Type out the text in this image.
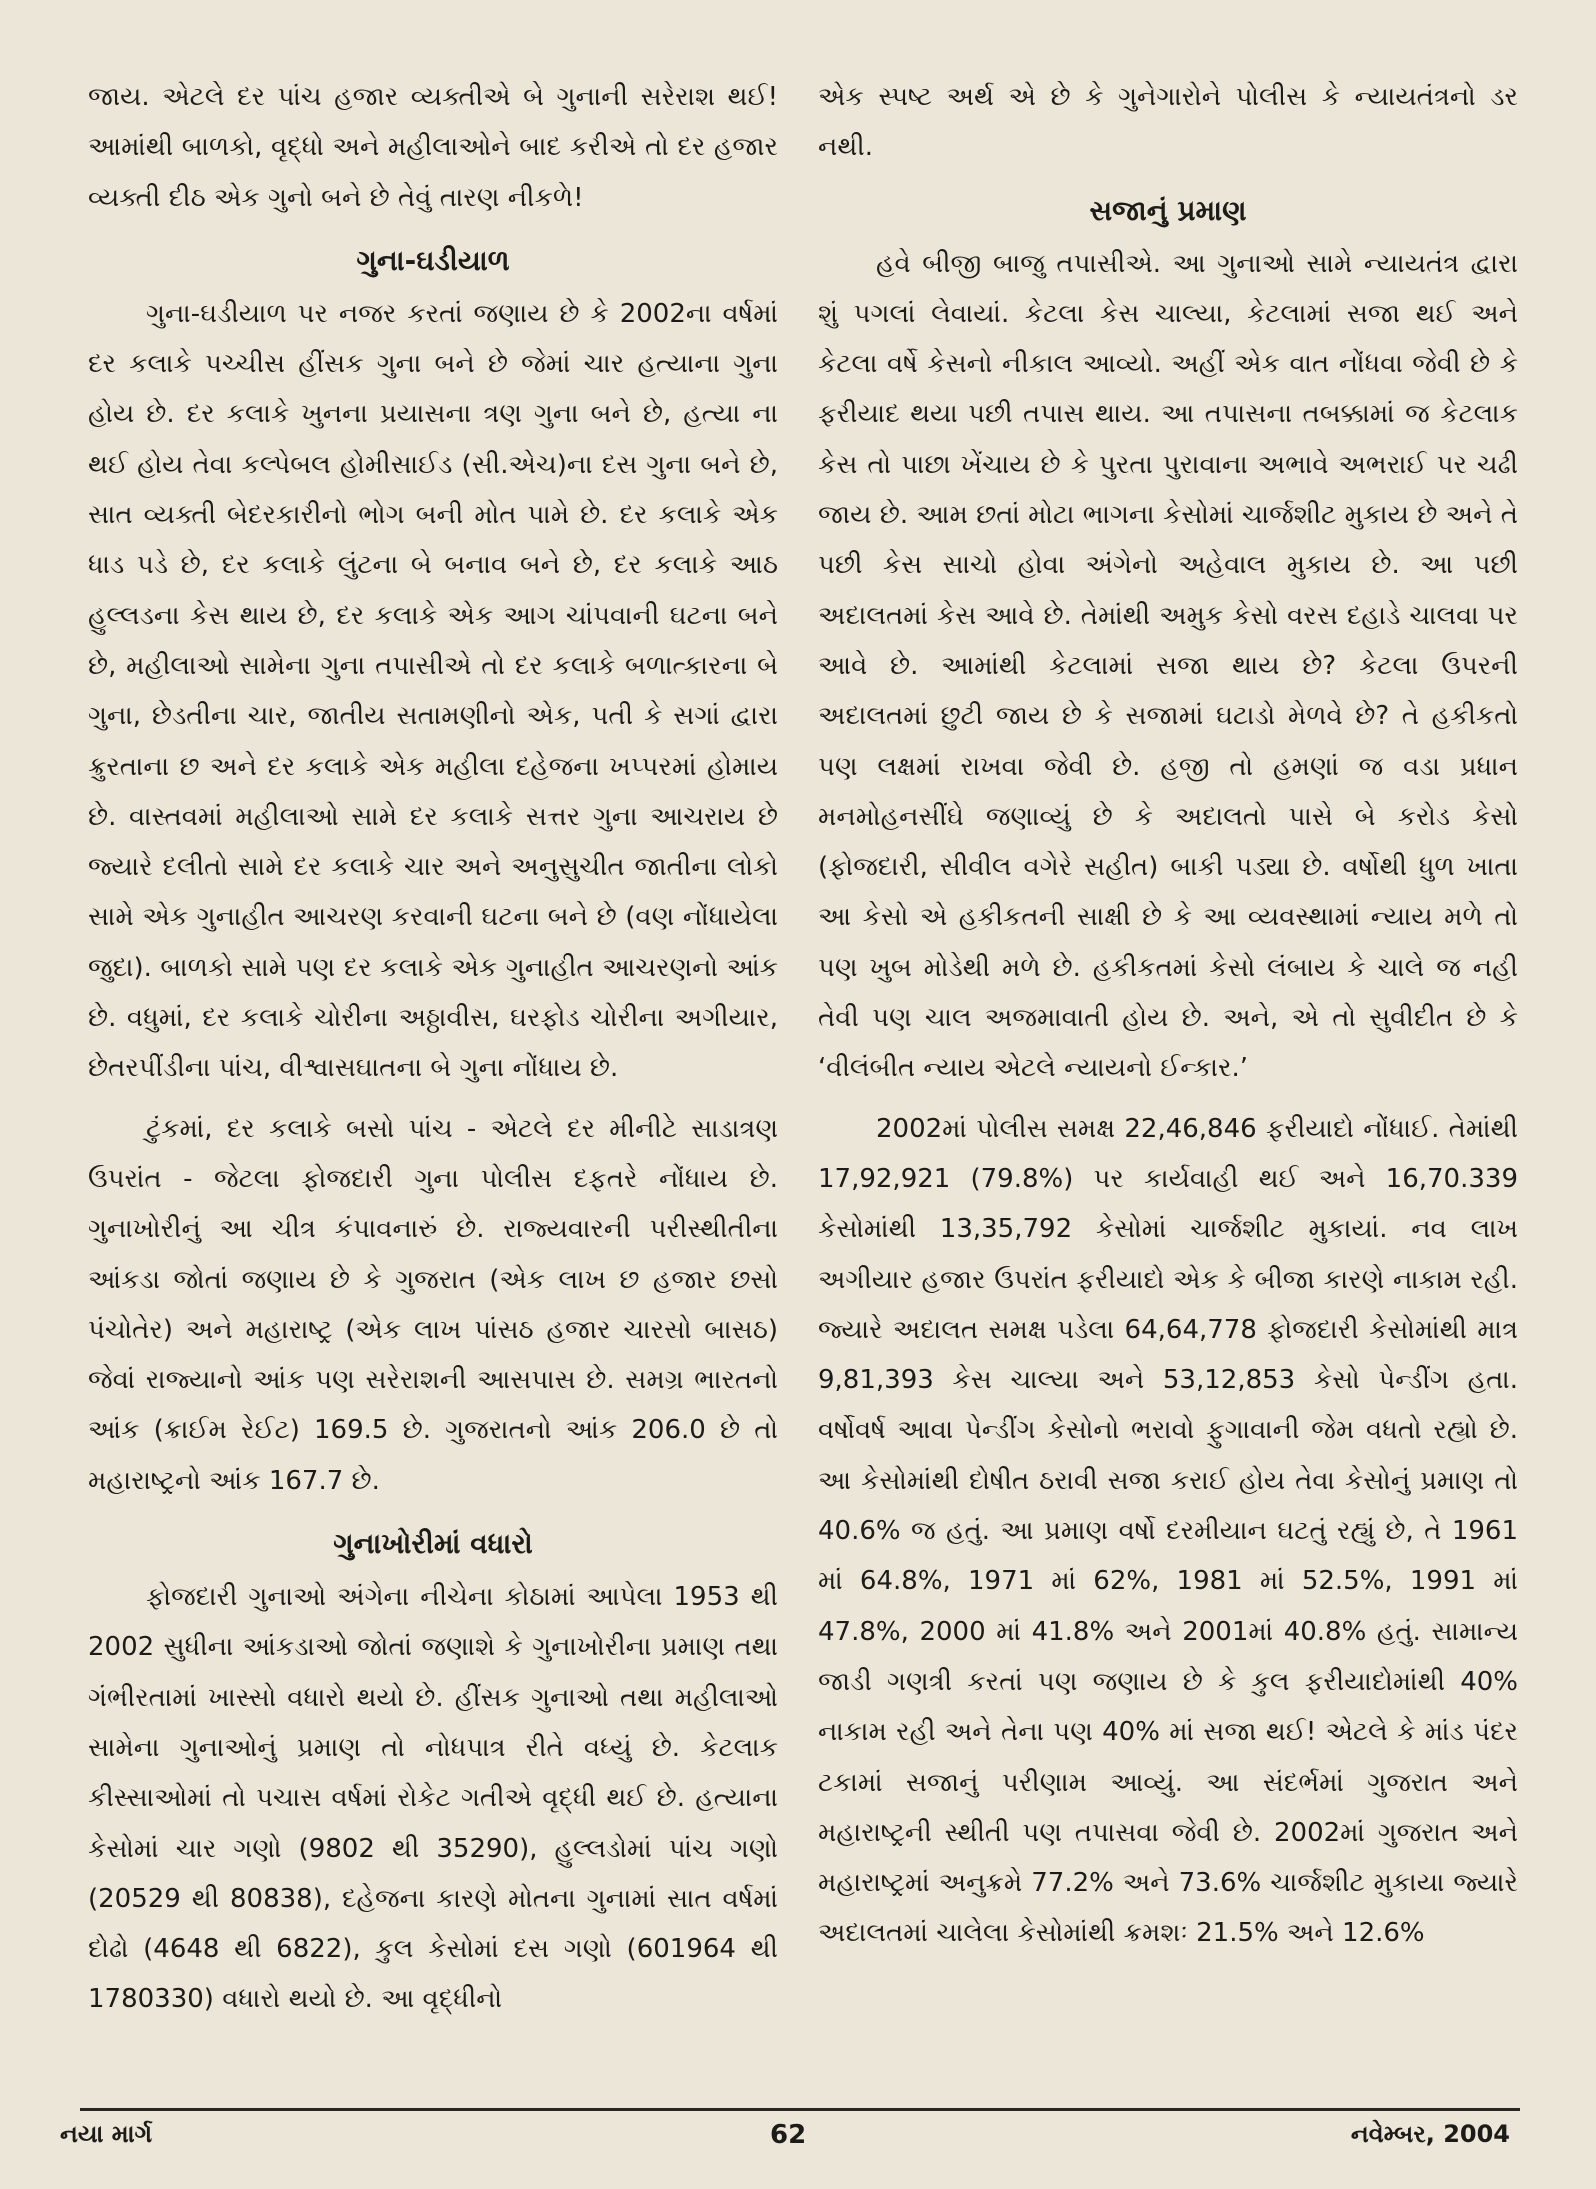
જાય. એટલે દર પાંચ હજાર વ્યક્તીએ બે ગુનાની સરેરાશ થઈ! આમાંથી બાળકો, વૃદ્ધો અને મહીલાઓને બાદ કરીએ તો દર હજાર વ્યક્તી દીઠ એક ગુનો બને છે તેવું તારણ નીકળે!

ગુના-ઘડીયાળ

ગુના-ઘડીયાળ પર નજર કરતાં જણાય છે કે 2002ના વર્ષમાં દર કલાકે પચ્ચીસ હીંસક ગુના બને છે જેમાં ચાર હત્યાના ગુના હોય છે. દર કલાકે ખુનના પ્રયાસના ત્રણ ગુના બને છે, હત્યા ના થઈ હોય તેવા કલ્પેબલ હોમીસાઈડ (સી.એચ)ના દસ ગુના બને છે, સાત વ્યક્તી બેદરકારીનો ભોગ બની મોત પામે છે. દર કલાકે એક ધાડ પડે છે, દર કલાકે લુંટના બે બનાવ બને છે, દર કલાકે આઠ હુલ્લડના કેસ થાય છે, દર કલાકે એક આગ ચાંપવાની ઘટના બને છે, મહીલાઓ સામેના ગુના તપાસીએ તો દર કલાકે બળાત્કારના બે ગુના, છેડતીના ચાર, જાતીય સતામણીનો એક, પતી કે સગાં દ્વારા ક્રુરતાના છ અને દર કલાકે એક મહીલા દહેજના ખપ્પરમાં હોમાય છે. વાસ્તવમાં મહીલાઓ સામે દર કલાકે સત્તર ગુના આચરાય છે જ્યારે દલીતો સામે દર કલાકે ચાર અને અનુસુચીત જાતીના લોકો સામે એક ગુનાહીત આચરણ કરવાની ઘટના બને છે (વણ નોંધાયેલા જુદા). બાળકો સામે પણ દર કલાકે એક ગુનાહીત આચરણનો આંક છે. વધુમાં, દર કલાકે ચોરીના અઠ્ઠાવીસ, ઘરફોડ ચોરીના અગીયાર, છેતરપીંડીના પાંચ, વીશ્વાસઘાતના બે ગુના નોંધાય છે.

ટુંકમાં, દર કલાકે બસો પાંચ - એટલે દર મીનીટે સાડાત્રણ ઉપરાંત - જેટલા ફોજદારી ગુના પોલીસ દફતરે નોંધાય છે. ગુનાખોરીનું આ ચીત્ર કંપાવનારું છે. રાજ્યવારની પરીસ્થીતીના આંકડા જોતાં જણાય છે કે ગુજરાત (એક લાખ છ હજાર છસો પંચોતેર) અને મહારાષ્ટ્ર (એક લાખ પાંસઠ હજાર ચારસો બાસઠ) જેવાં રાજ્યાનો આંક પણ સરેરાશની આસપાસ છે. સમગ્ર ભારતનો આંક (ક્રાઈમ રેઈટ) 169.5 છે. ગુજરાતનો આંક 206.0 છે તો મહારાષ્ટ્રનો આંક 167.7 છે.

ગુનાખોરીમાં વધારો

ફોજદારી ગુનાઓ અંગેના નીચેના કોઠામાં આપેલા 1953 થી 2002 સુધીના આંકડાઓ જોતાં જણાશે કે ગુનાખોરીના પ્રમાણ તથા ગંભીરતામાં ખાસ્સો વધારો થયો છે. હીંસક ગુનાઓ તથા મહીલાઓ સામેના ગુનાઓનું પ્રમાણ તો નોધપાત્ર રીતે વધ્યું છે. કેટલાક કીસ્સાઓમાં તો પચાસ વર્ષમાં રોકેટ ગતીએ વૃદ્ધી થઈ છે. હત્યાના કેસોમાં ચાર ગણો (9802 થી 35290), હુલ્લડોમાં પાંચ ગણો (20529 થી 80838), દહેજના કારણે મોતના ગુનામાં સાત વર્ષમાં દોઢો (4648 થી 6822), કુલ કેસોમાં દસ ગણો (601964 થી 1780330) વધારો થયો છે. આ વૃદ્ધીનો

એક સ્પષ્ટ અર્થ એ છે કે ગુનેગારોને પોલીસ કે ન્યાયતંત્રનો ડર નથી.

સજાનું પ્રમાણ

હવે બીજી બાજુ તપાસીએ. આ ગુનાઓ સામે ન્યાયતંત્ર દ્વારા શું પગલાં લેવાયાં. કેટલા કેસ ચાલ્યા, કેટલામાં સજા થઈ અને કેટલા વર્ષે કેસનો નીકાલ આવ્યો. અહીં એક વાત નોંધવા જેવી છે કે ફરીયાદ થયા પછી તપાસ થાય. આ તપાસના તબક્કામાં જ કેટલાક કેસ તો પાછા ખેંચાય છે કે પુરતા પુરાવાના અભાવે અભરાઈ પર ચઢી જાય છે. આમ છતાં મોટા ભાગના કેસોમાં ચાર્જશીટ મુકાય છે અને તે પછી કેસ સાચો હોવા અંગેનો અહેવાલ મુકાય છે. આ પછી અદાલતમાં કેસ આવે છે. તેમાંથી અમુક કેસો વરસ દહાડે ચાલવા પર આવે છે. આમાંથી કેટલામાં સજા થાય છે? કેટલા ઉપરની અદાલતમાં છુટી જાય છે કે સજામાં ઘટાડો મેળવે છે? તે હકીકતો પણ લક્ષમાં રાખવા જેવી છે. હજી તો હમણાં જ વડા પ્રધાન મનમોહનસીંઘે જણાવ્યું છે કે અદાલતો પાસે બે કરોડ કેસો (ફોજદારી, સીવીલ વગેરે સહીત) બાકી પડ્યા છે. વર્ષોથી ધુળ ખાતા આ કેસો એ હકીકતની સાક્ષી છે કે આ વ્યવસ્થામાં ન્યાય મળે તો પણ ખુબ મોડેથી મળે છે. હકીકતમાં કેસો લંબાય કે ચાલે જ નહી તેવી પણ ચાલ અજમાવાતી હોય છે. અને, એ તો સુવીદીત છે કે ‘વીલંબીત ન્યાય એટલે ન્યાયનો ઈન્કાર.’

2002માં પોલીસ સમક્ષ 22,46,846 ફરીયાદો નોંધાઈ. તેમાંથી 17,92,921 (79.8%) પર કાર્યવાહી થઈ અને 16,70.339 કેસોમાંથી 13,35,792 કેસોમાં ચાર્જશીટ મુકાયાં. નવ લાખ અગીયાર હજાર ઉપરાંત ફરીયાદો એક કે બીજા કારણે નાકામ રહી. જ્યારે અદાલત સમક્ષ પડેલા 64,64,778 ફોજદારી કેસોમાંથી માત્ર 9,81,393 કેસ ચાલ્યા અને 53,12,853 કેસો પેન્ડીંગ હતા. વર્ષોવર્ષ આવા પેન્ડીંગ કેસોનો ભરાવો ફુગાવાની જેમ વધતો રહ્યો છે. આ કેસોમાંથી દોષીત ઠરાવી સજા કરાઈ હોય તેવા કેસોનું પ્રમાણ તો 40.6% જ હતું. આ પ્રમાણ વર્ષો દરમીયાન ઘટતું રહ્યું છે, તે 1961 માં 64.8%, 1971 માં 62%, 1981 માં 52.5%, 1991 માં 47.8%, 2000 માં 41.8% અને 2001માં 40.8% હતું. સામાન્ય જાડી ગણત્રી કરતાં પણ જણાય છે કે કુલ ફરીયાદોમાંથી 40% નાકામ રહી અને તેના પણ 40% માં સજા થઈ! એટલે કે માંડ પંદર ટકામાં સજાનું પરીણામ આવ્યું. આ સંદર્ભમાં ગુજરાત અને મહારાષ્ટ્રની સ્થીતી પણ તપાસવા જેવી છે. 2002માં ગુજરાત અને મહારાષ્ટ્રમાં અનુક્રમે 77.2% અને 73.6% ચાર્જશીટ મુકાયા જ્યારે અદાલતમાં ચાલેલા કેસોમાંથી ક્રમશઃ 21.5% અને 12.6%

નયા માર્ગ	62	નવેમ્બર, 2004
